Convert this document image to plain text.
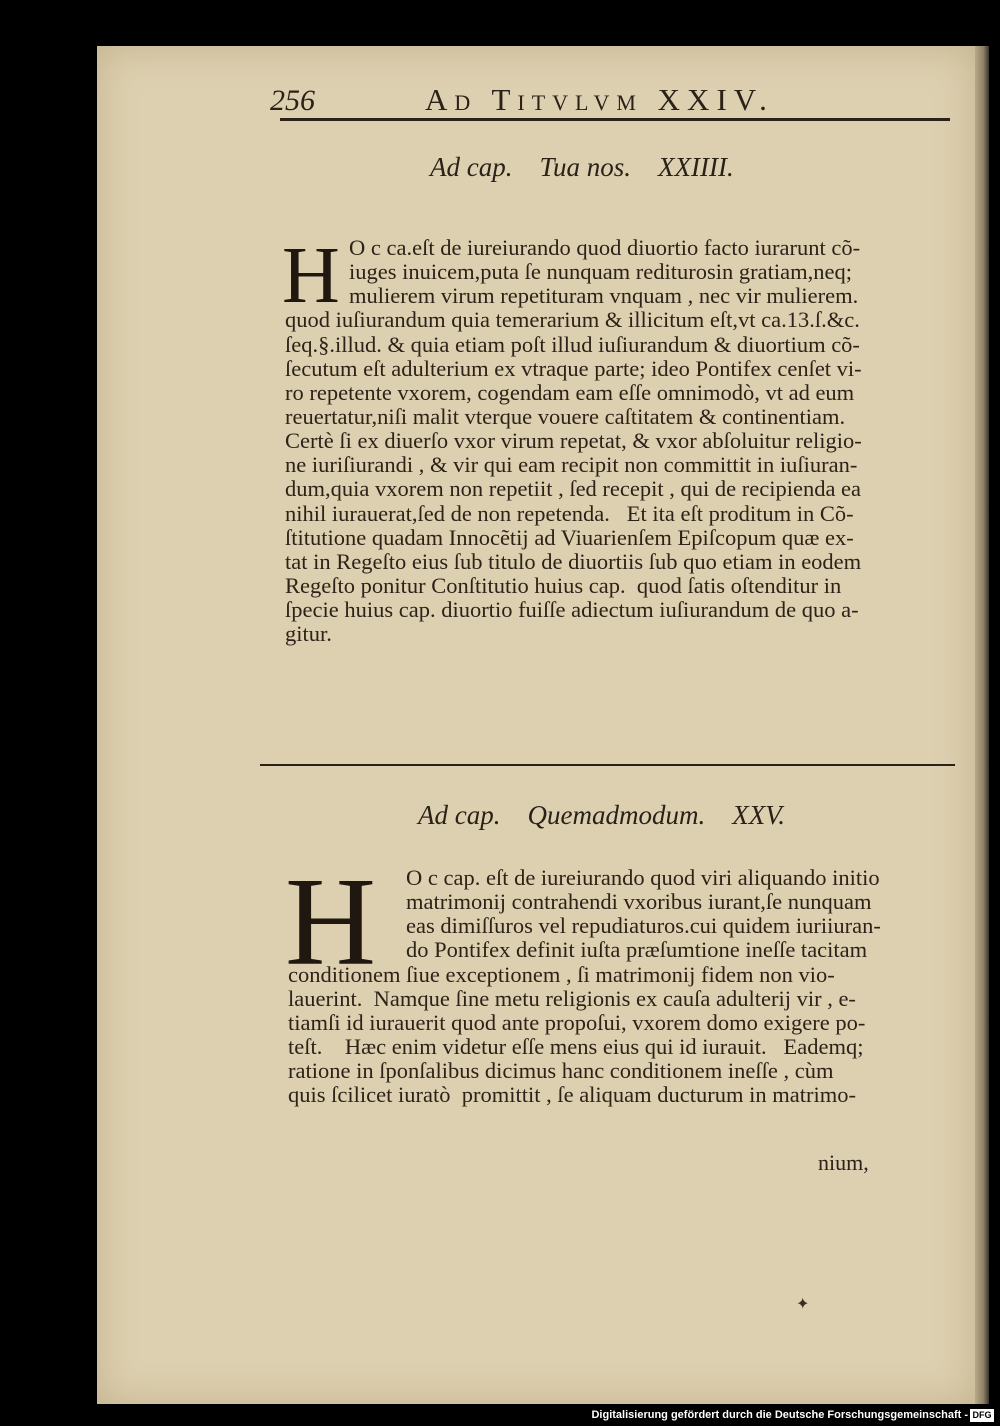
256	Ad Titvlvm XXIV.
Ad cap.    Tua nos.    XXIIII.
H O c ca.eſt de iureiurando quod diuortio facto iurarunt cõ-
iuges inuicem,puta ſe nunquam rediturosin gratiam,neq;
mulierem virum repetituram vnquam , nec vir mulierem.
quod iuſiurandum quia temerarium & illicitum eſt,vt ca.13.ſ.&c.
ſeq.§.illud. & quia etiam poſt illud iuſiurandum & diuortium cõ-
ſecutum eſt adulterium ex vtraque parte; ideo Pontifex cenſet vi-
ro repetente vxorem, cogendam eam eſſe omnimodò, vt ad eum
reuertatur,niſi malit vterque vouere caſtitatem & continentiam.
Certè ſi ex diuerſo vxor virum repetat, & vxor abſoluitur religio-
ne iuriſiurandi , & vir qui eam recipit non committit in iuſiuran-
dum,quia vxorem non repetiit , ſed recepit , qui de recipienda ea
nihil iurauerat,ſed de non repetenda.   Et ita eſt proditum in Cõ-
ſtitutione quadam Innocẽtij ad Viuarienſem Epiſcopum quæ ex-
tat in Regeſto eius ſub titulo de diuortiis ſub quo etiam in eodem
Regeſto ponitur Conſtitutio huius cap.  quod ſatis oſtenditur in
ſpecie huius cap. diuortio fuiſſe adiectum iuſiurandum de quo a-
gitur.
Ad cap.    Quemadmodum.    XXV.
H	O c cap. eſt de iureiurando quod viri aliquando initio
matrimonij contrahendi vxoribus iurant,ſe nunquam
eas dimiſſuros vel repudiaturos.cui quidem iuriiuran-
do Pontifex definit iuſta præſumtione ineſſe tacitam
conditionem ſiue exceptionem , ſi matrimonij fidem non vio-
lauerint.  Namque ſine metu religionis ex cauſa adulterij vir , e-
tiamſi id iurauerit quod ante propoſui, vxorem domo exigere po-
teſt.    Hæc enim videtur eſſe mens eius qui id iurauit.   Eademq;
ratione in ſponſalibus dicimus hanc conditionem ineſſe , cùm
quis ſcilicet iuratò  promittit , ſe aliquam ducturum in matrimo-
nium,
✦
Digitalisierung gefördert durch die Deutsche Forschungsgemeinschaft - DFG
